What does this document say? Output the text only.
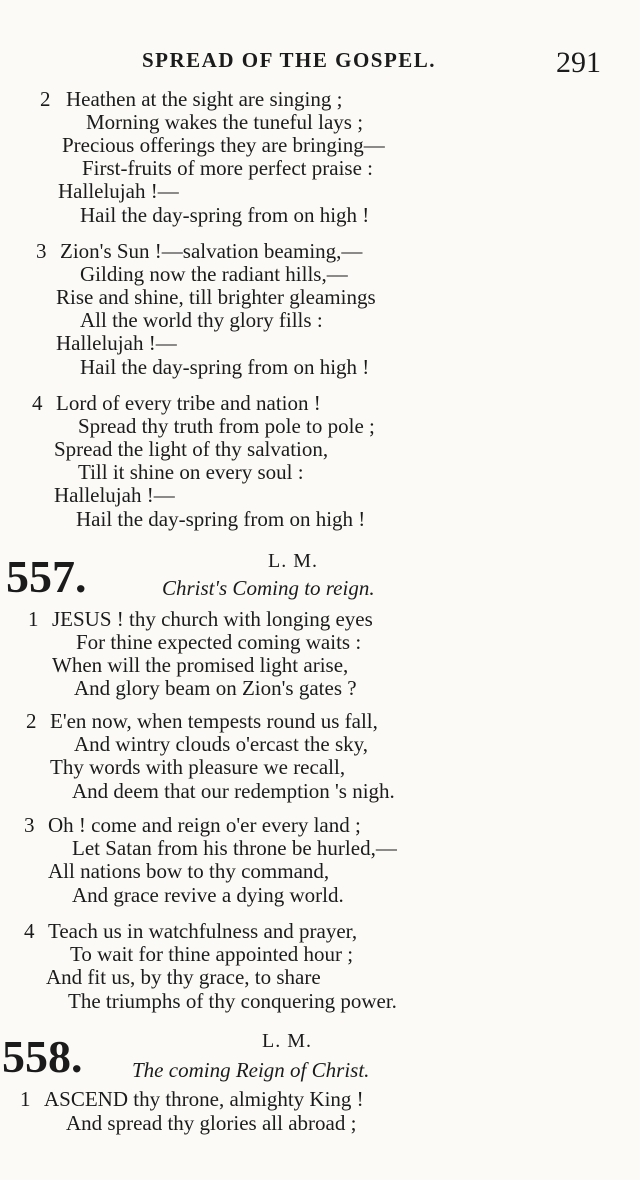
SPREAD OF THE GOSPEL.	291
2 Heathen at the sight are singing ;
Morning wakes the tuneful lays ;
Precious offerings they are bringing—
First-fruits of more perfect praise :
Hallelujah !—
Hail the day-spring from on high !
3 Zion's Sun !—salvation beaming,—
Gilding now the radiant hills,—
Rise and shine, till brighter gleamings
All the world thy glory fills :
Hallelujah !—
Hail the day-spring from on high !
4 Lord of every tribe and nation !
Spread thy truth from pole to pole ;
Spread the light of thy salvation,
Till it shine on every soul :
Hallelujah !—
Hail the day-spring from on high !
557.	L. M.
Christ's Coming to reign.
1 JESUS ! thy church with longing eyes
For thine expected coming waits :
When will the promised light arise,
And glory beam on Zion's gates ?
2 E'en now, when tempests round us fall,
And wintry clouds o'ercast the sky,
Thy words with pleasure we recall,
And deem that our redemption 's nigh.
3 Oh ! come and reign o'er every land ;
Let Satan from his throne be hurled,—
All nations bow to thy command,
And grace revive a dying world.
4 Teach us in watchfulness and prayer,
To wait for thine appointed hour ;
And fit us, by thy grace, to share
The triumphs of thy conquering power.
558.	L. M.
The coming Reign of Christ.
1 ASCEND thy throne, almighty King !
And spread thy glories all abroad ;
